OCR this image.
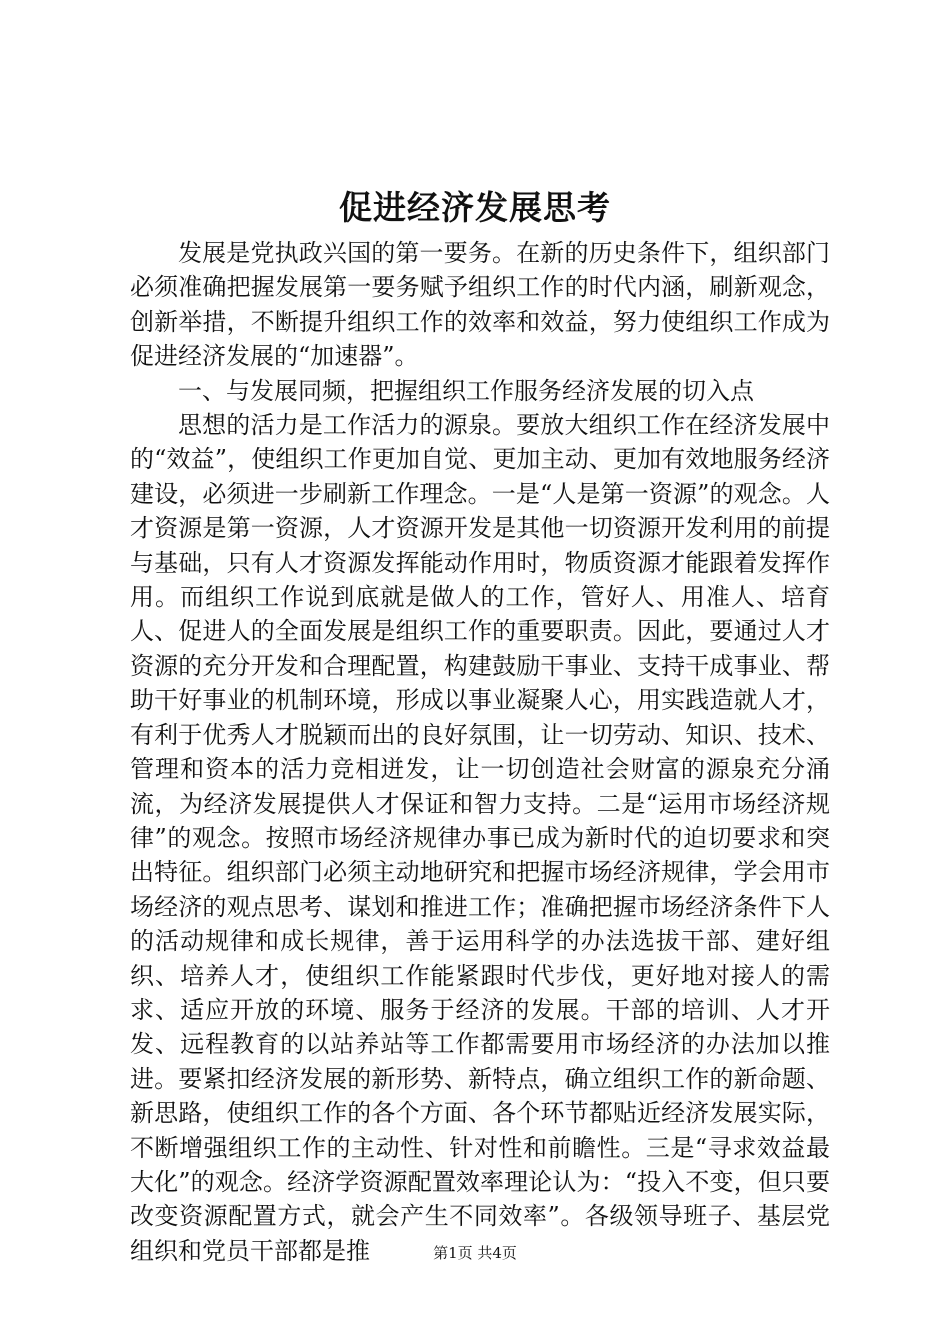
促进经济发展思考

发展是党执政兴国的第一要务。在新的历史条件下，组织部门必须准确把握发展第一要务赋予组织工作的时代内涵，刷新观念，创新举措，不断提升组织工作的效率和效益，努力使组织工作成为促进经济发展的“加速器”。

一、与发展同频，把握组织工作服务经济发展的切入点

思想的活力是工作活力的源泉。要放大组织工作在经济发展中的“效益”，使组织工作更加自觉、更加主动、更加有效地服务经济建设，必须进一步刷新工作理念。一是“人是第一资源”的观念。人才资源是第一资源，人才资源开发是其他一切资源开发利用的前提与基础，只有人才资源发挥能动作用时，物质资源才能跟着发挥作用。而组织工作说到底就是做人的工作，管好人、用准人、培育人、促进人的全面发展是组织工作的重要职责。因此，要通过人才资源的充分开发和合理配置，构建鼓励干事业、支持干成事业、帮助干好事业的机制环境，形成以事业凝聚人心，用实践造就人才，有利于优秀人才脱颖而出的良好氛围，让一切劳动、知识、技术、管理和资本的活力竞相迸发，让一切创造社会财富的源泉充分涌流，为经济发展提供人才保证和智力支持。二是“运用市场经济规律”的观念。按照市场经济规律办事已成为新时代的迫切要求和突出特征。组织部门必须主动地研究和把握市场经济规律，学会用市场经济的观点思考、谋划和推进工作；准确把握市场经济条件下人的活动规律和成长规律，善于运用科学的办法选拔干部、建好组织、培养人才，使组织工作能紧跟时代步伐，更好地对接人的需求、适应开放的环境、服务于经济的发展。干部的培训、人才开发、远程教育的以站养站等工作都需要用市场经济的办法加以推进。要紧扣经济发展的新形势、新特点，确立组织工作的新命题、新思路，使组织工作的各个方面、各个环节都贴近经济发展实际，不断增强组织工作的主动性、针对性和前瞻性。三是“寻求效益最大化”的观念。经济学资源配置效率理论认为：“投入不变，但只要改变资源配置方式，就会产生不同效率”。各级领导班子、基层党组织和党员干部都是推	第1页 共4页
